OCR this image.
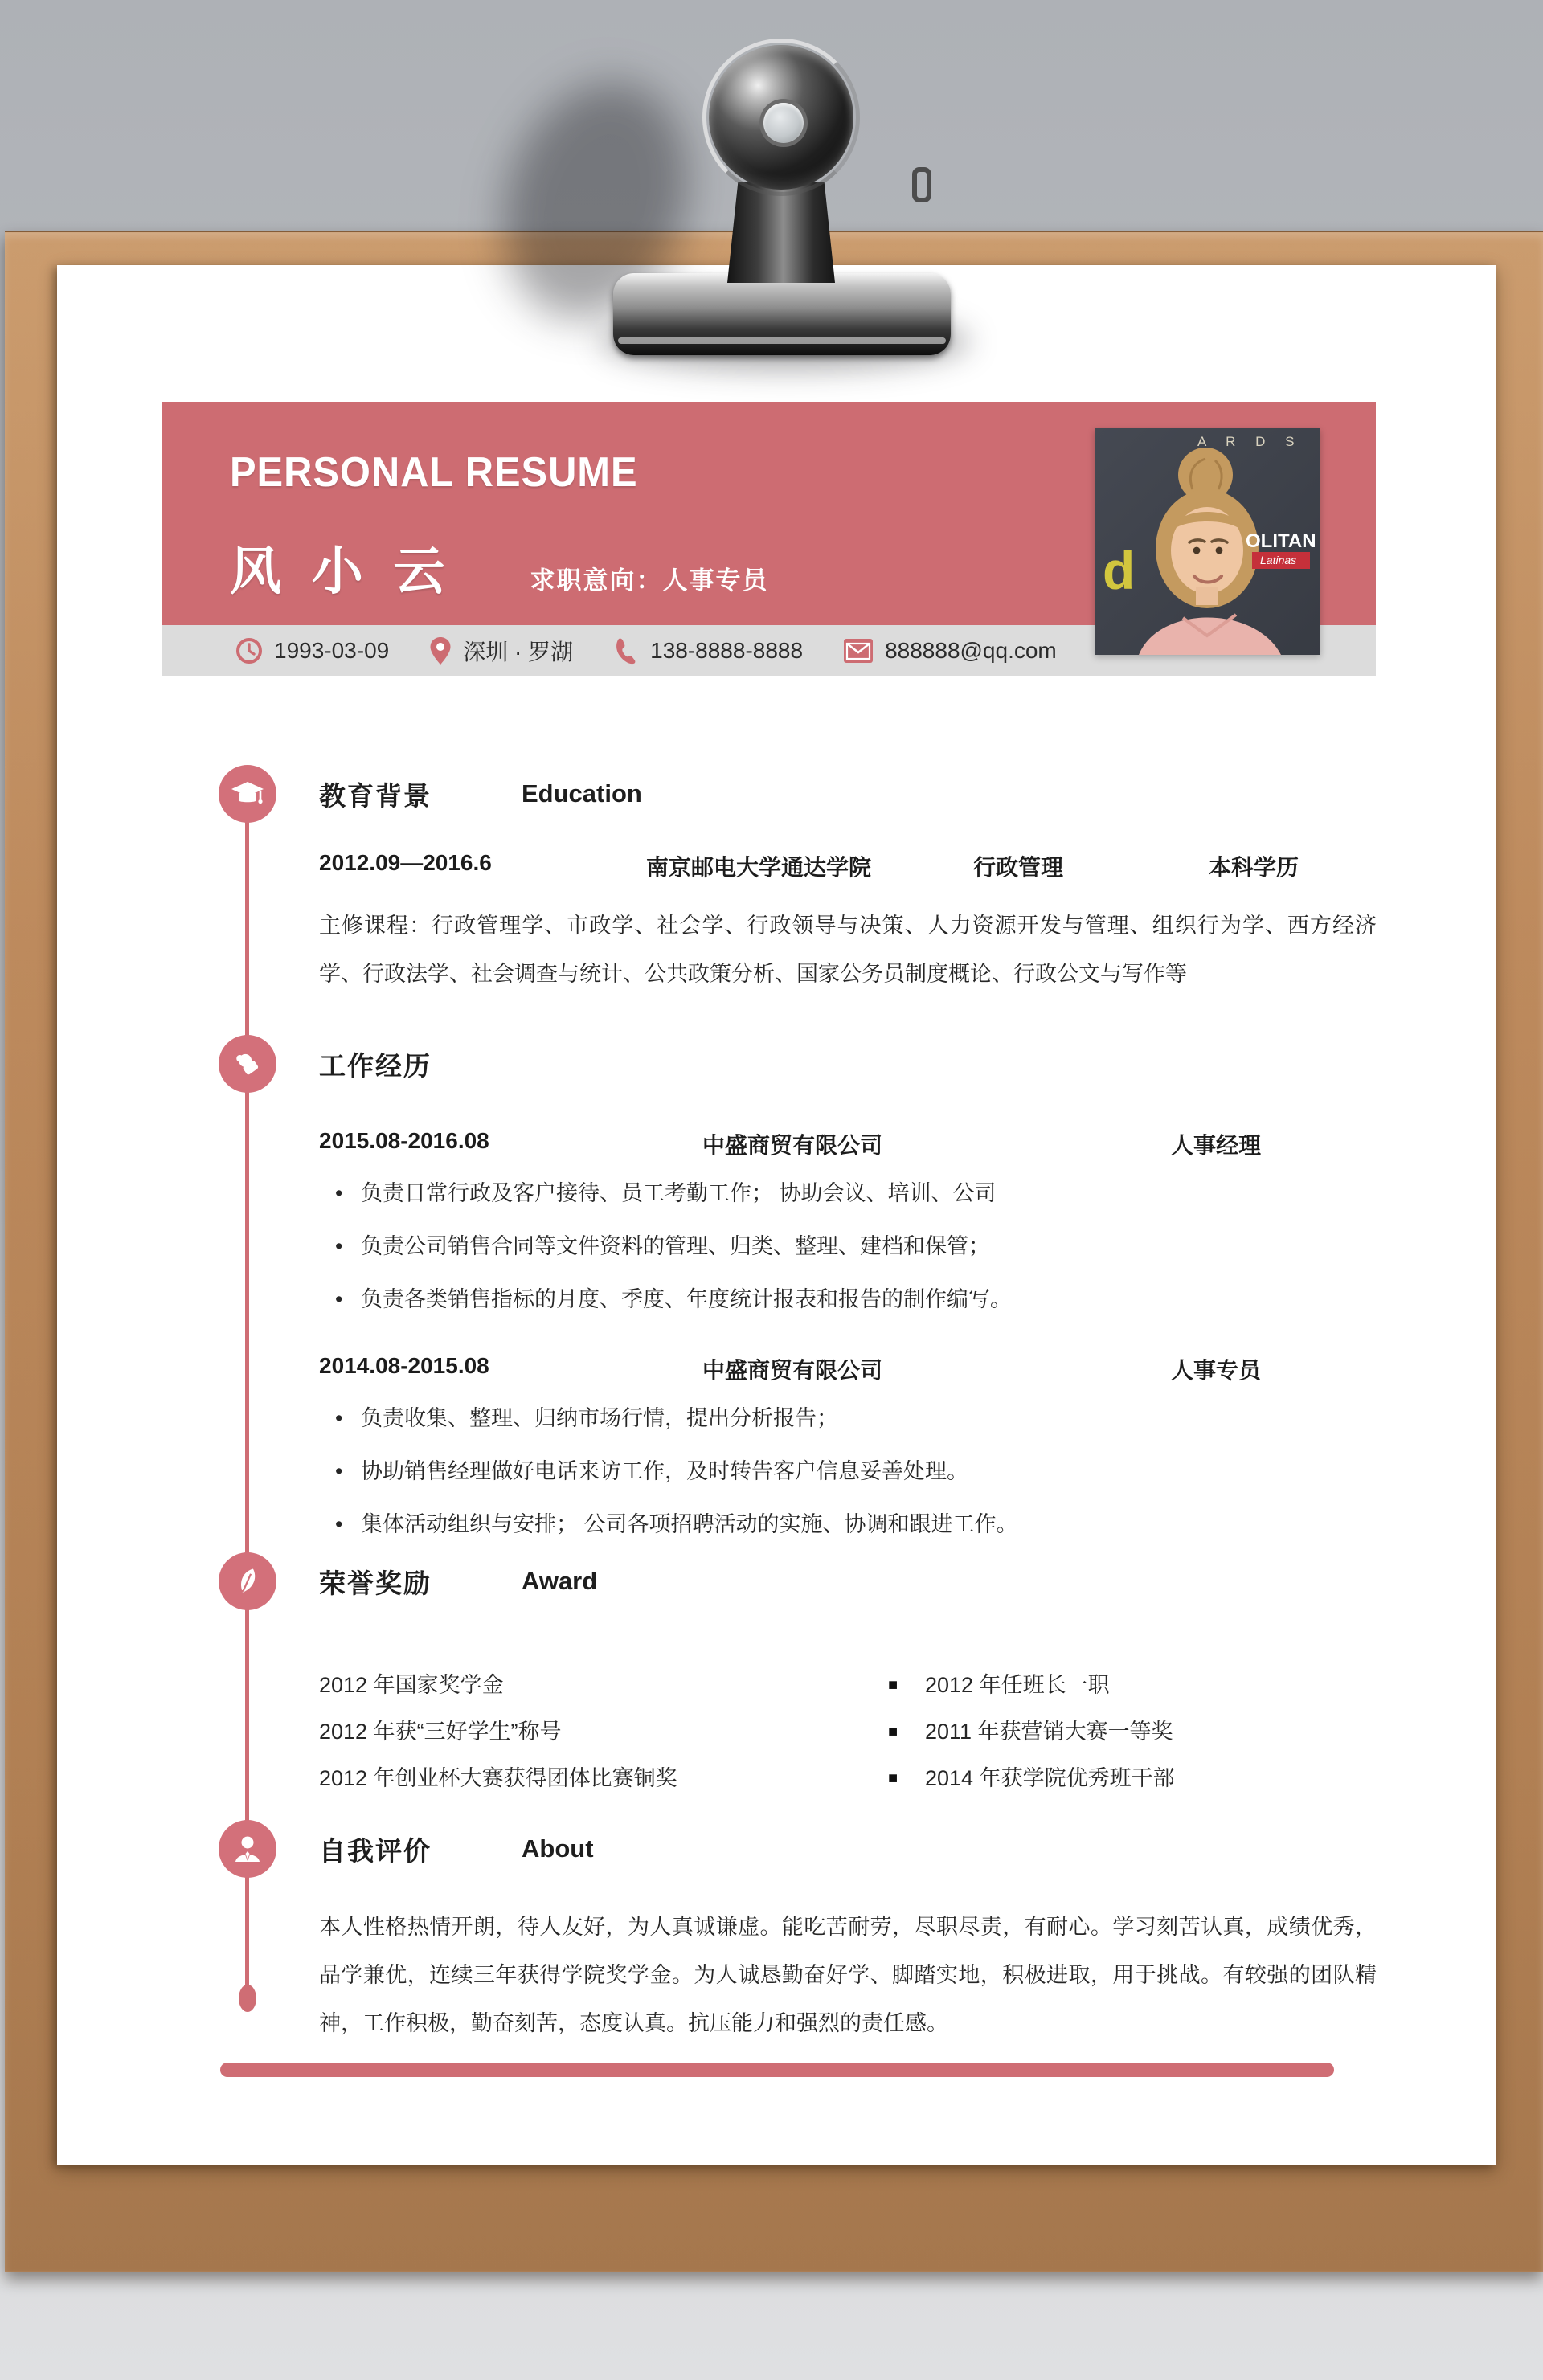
PERSONAL RESUME
风 小 云	求职意向：人事专员
1993-03-09	深圳 · 罗湖	138-8888-8888	888888@qq.com
A R D S
d	OLITAN
Latinas
教育背景	Education
2012.09—2016.6	南京邮电大学通达学院	行政管理	本科学历
主修课程：行政管理学、市政学、社会学、行政领导与决策、人力资源开发与管理、组织行为学、西方经济学、行政法学、社会调查与统计、公共政策分析、国家公务员制度概论、行政公文与写作等
工作经历
2015.08-2016.08	中盛商贸有限公司	人事经理
• 负责日常行政及客户接待、员工考勤工作； 协助会议、培训、公司
• 负责公司销售合同等文件资料的管理、归类、整理、建档和保管；
• 负责各类销售指标的月度、季度、年度统计报表和报告的制作编写。
2014.08-2015.08	中盛商贸有限公司	人事专员
• 负责收集、整理、归纳市场行情，提出分析报告；
• 协助销售经理做好电话来访工作，及时转告客户信息妥善处理。
• 集体活动组织与安排； 公司各项招聘活动的实施、协调和跟进工作。
荣誉奖励	Award
2012 年国家奖学金
2012 年获“三好学生”称号
2012 年创业杯大赛获得团体比赛铜奖
■ 2012 年任班长一职
■ 2011 年获营销大赛一等奖
■ 2014 年获学院优秀班干部
自我评价	About
本人性格热情开朗，待人友好，为人真诚谦虚。能吃苦耐劳，尽职尽责，有耐心。学习刻苦认真，成绩优秀，品学兼优，连续三年获得学院奖学金。为人诚恳勤奋好学、脚踏实地，积极进取，用于挑战。有较强的团队精神，工作积极，勤奋刻苦，态度认真。抗压能力和强烈的责任感。
